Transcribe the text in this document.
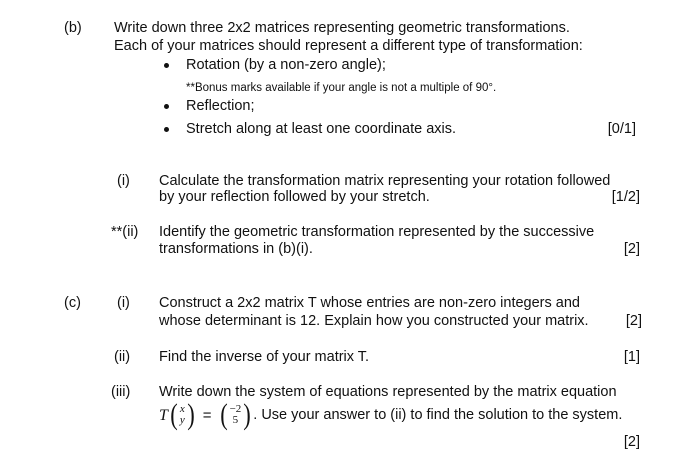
(b) Write down three 2x2 matrices representing geometric transformations.
Each of your matrices should represent a different type of transformation:
Rotation (by a non-zero angle);
**Bonus marks available if your angle is not a multiple of 90°.
Reflection;
Stretch along at least one coordinate axis.	[0/1]
(i) Calculate the transformation matrix representing your rotation followed
by your reflection followed by your stretch.	[1/2]
**(ii) Identify the geometric transformation represented by the successive
transformations in (b)(i).	[2]
(c) (i) Construct a 2x2 matrix T whose entries are non-zero integers and
whose determinant is 12. Explain how you constructed your matrix.	[2]
(ii) Find the inverse of your matrix T.	[1]
(iii) Write down the system of equations represented by the matrix equation
T ( x
y ) = ( −2
5 ) . Use your answer to (ii) to find the solution to the system.
[2]
